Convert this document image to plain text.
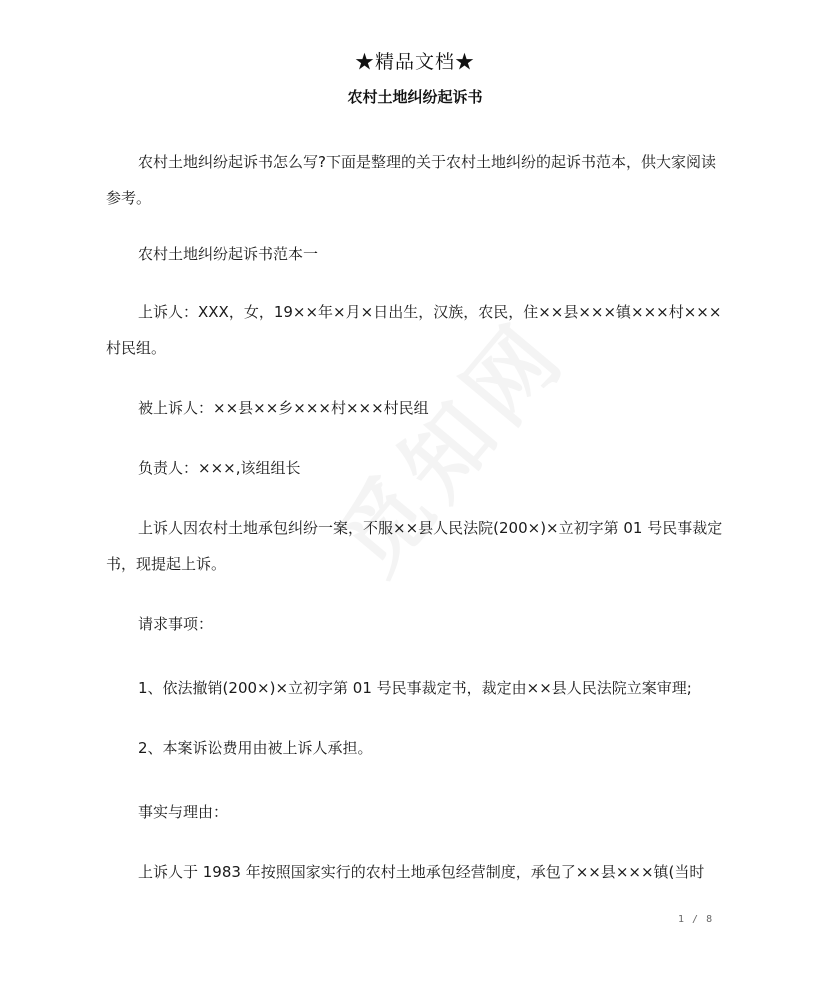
★精品文档★
农村土地纠纷起诉书

农村土地纠纷起诉书怎么写?下面是整理的关于农村土地纠纷的起诉书范本，供大家阅读参考。

农村土地纠纷起诉书范本一

上诉人：XXX，女，19××年×月×日出生，汉族，农民，住××县×××镇×××村×××村民组。

被上诉人：××县××乡×××村×××村民组

负责人：×××,该组组长

上诉人因农村土地承包纠纷一案，不服××县人民法院(200×)×立初字第 01 号民事裁定书，现提起上诉。

请求事项：

1、依法撤销(200×)×立初字第 01 号民事裁定书，裁定由××县人民法院立案审理;

2、本案诉讼费用由被上诉人承担。

事实与理由：

上诉人于 1983 年按照国家实行的农村土地承包经营制度，承包了××县×××镇(当时

1 / 8
